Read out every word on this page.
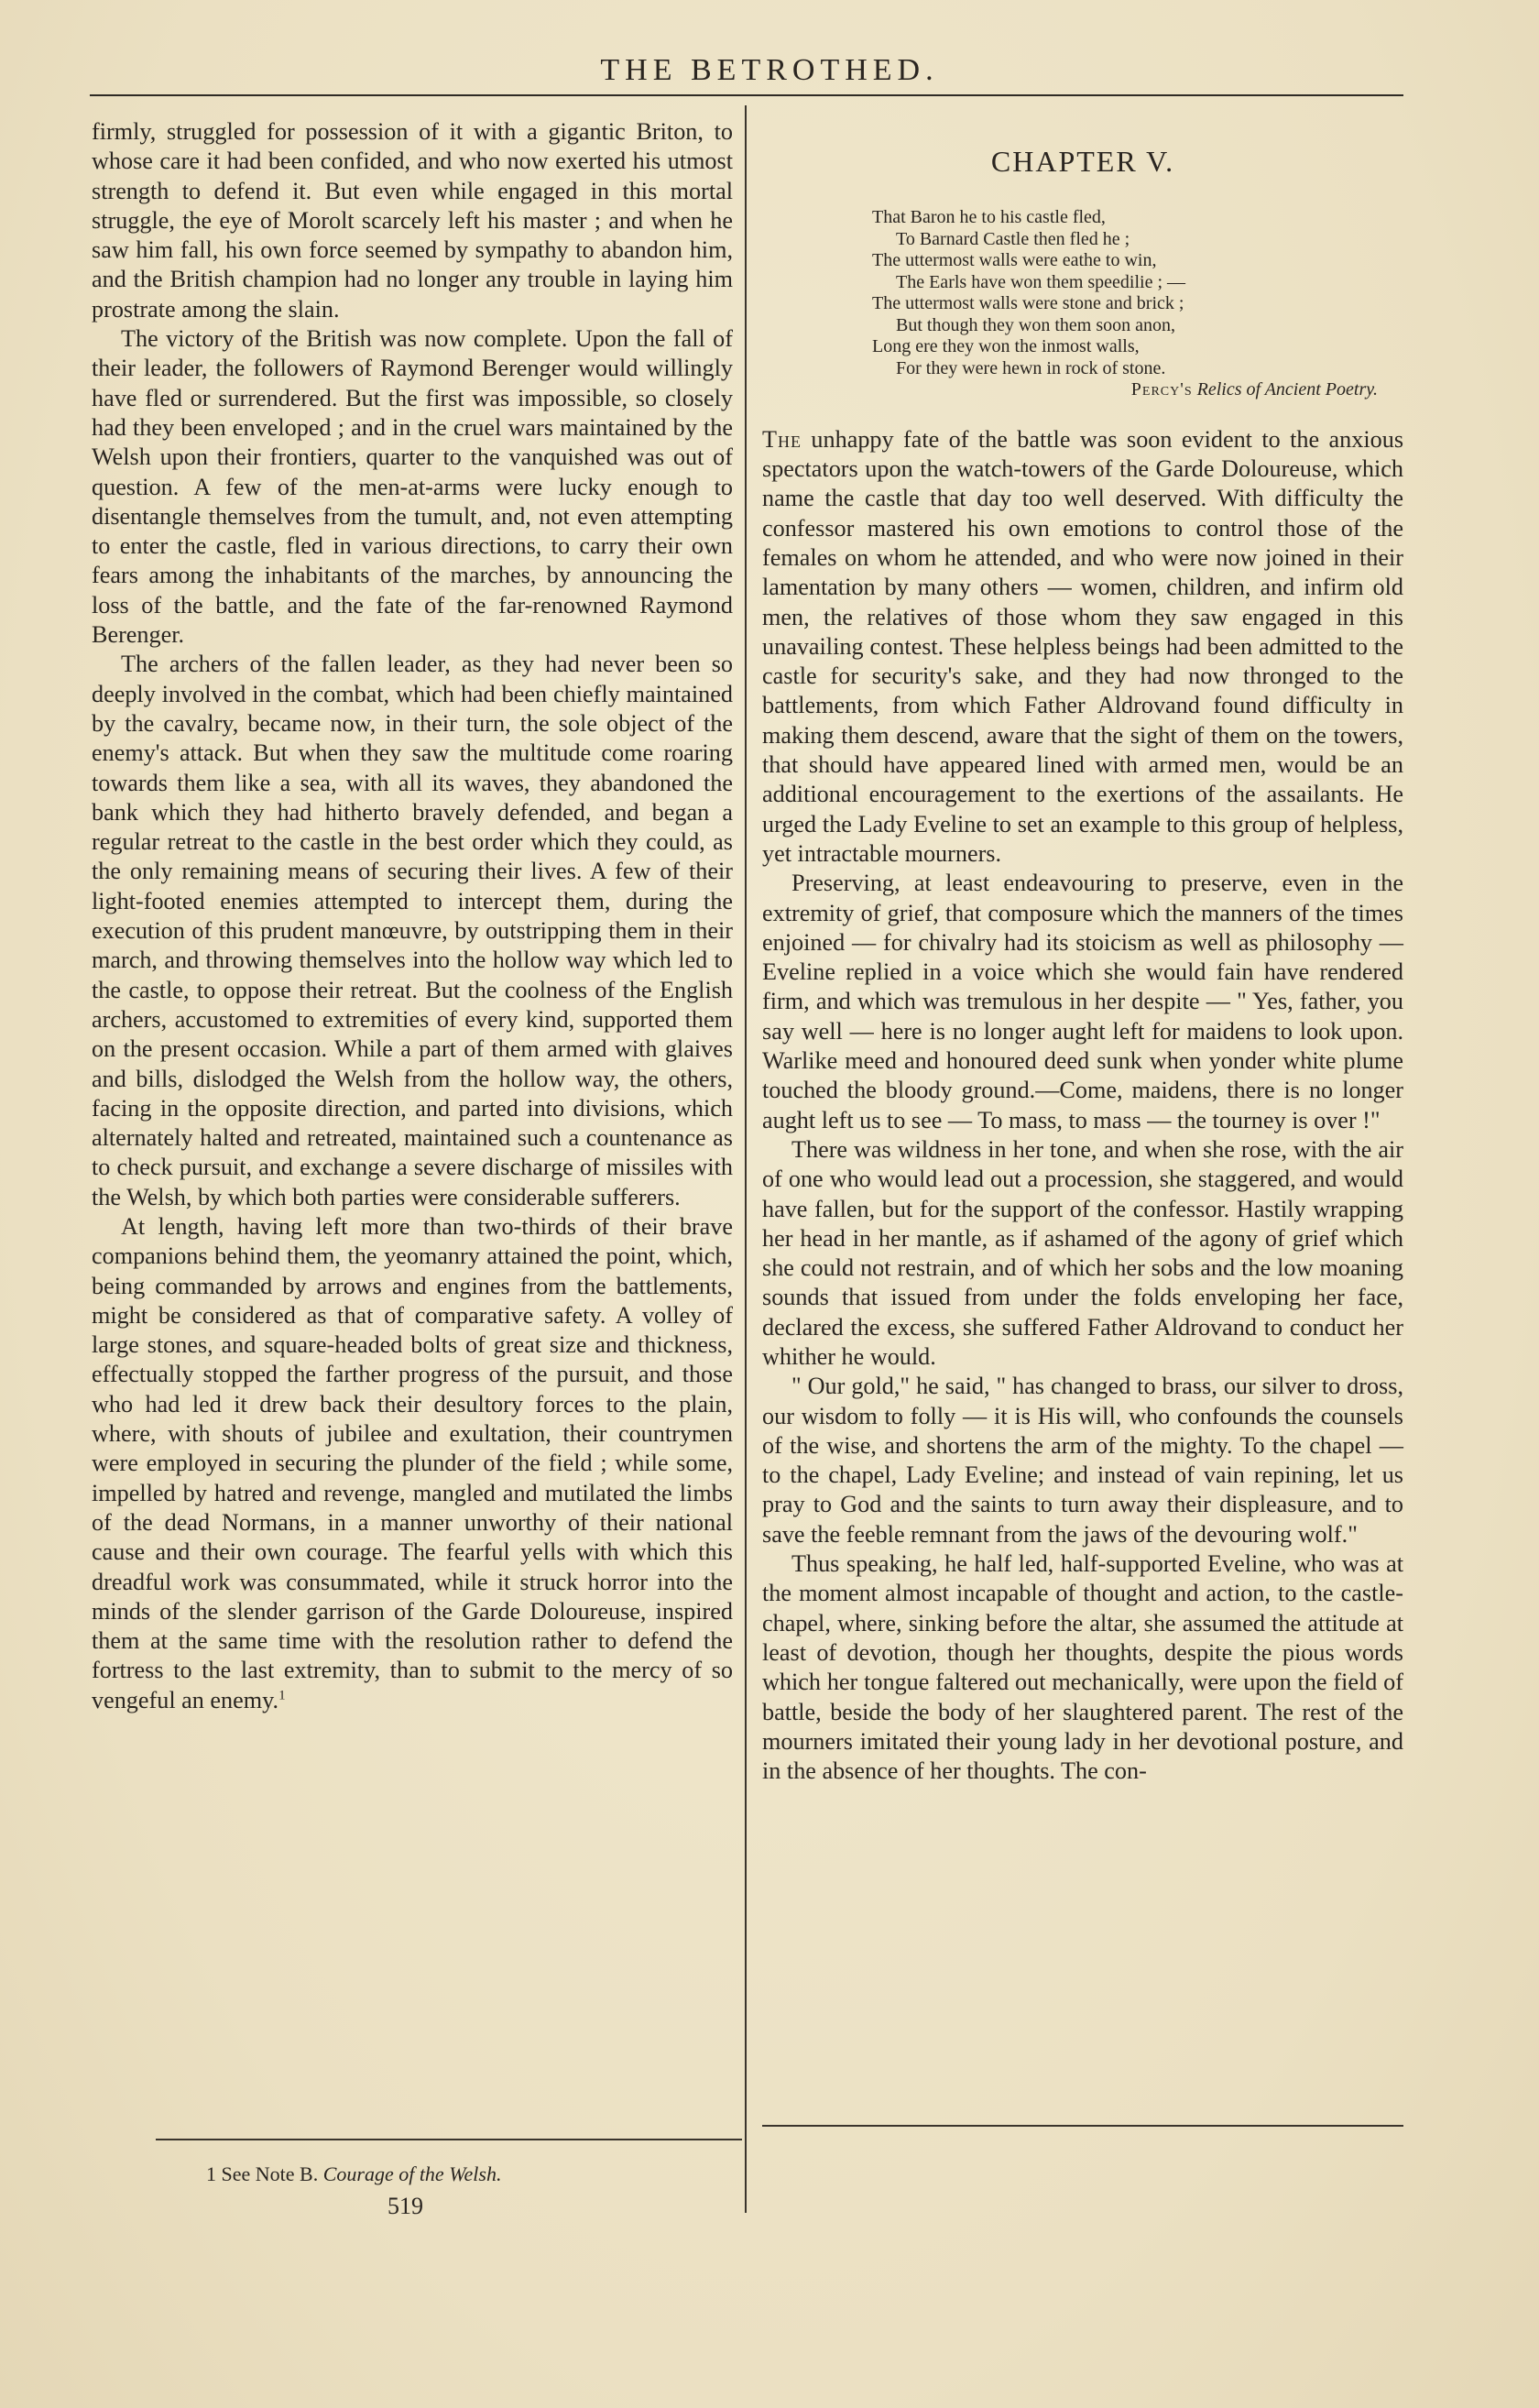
THE BETROTHED.

firmly, struggled for possession of it with a gigantic Briton, to whose care it had been confided, and who now exerted his utmost strength to defend it. But even while engaged in this mortal struggle, the eye of Morolt scarcely left his master ; and when he saw him fall, his own force seemed by sympathy to abandon him, and the British champion had no longer any trouble in laying him prostrate among the slain.

The victory of the British was now complete. Upon the fall of their leader, the followers of Raymond Berenger would willingly have fled or surrendered. But the first was impossible, so closely had they been enveloped ; and in the cruel wars maintained by the Welsh upon their frontiers, quarter to the vanquished was out of question. A few of the men-at-arms were lucky enough to disentangle themselves from the tumult, and, not even attempting to enter the castle, fled in various directions, to carry their own fears among the inhabitants of the marches, by announcing the loss of the battle, and the fate of the far-renowned Raymond Berenger.

The archers of the fallen leader, as they had never been so deeply involved in the combat, which had been chiefly maintained by the cavalry, became now, in their turn, the sole object of the enemy's attack. But when they saw the multitude come roaring towards them like a sea, with all its waves, they abandoned the bank which they had hitherto bravely defended, and began a regular retreat to the castle in the best order which they could, as the only remaining means of securing their lives. A few of their light-footed enemies attempted to intercept them, during the execution of this prudent manœuvre, by outstripping them in their march, and throwing themselves into the hollow way which led to the castle, to oppose their retreat. But the coolness of the English archers, accustomed to extremities of every kind, supported them on the present occasion. While a part of them armed with glaives and bills, dislodged the Welsh from the hollow way, the others, facing in the opposite direction, and parted into divisions, which alternately halted and retreated, maintained such a countenance as to check pursuit, and exchange a severe discharge of missiles with the Welsh, by which both parties were considerable sufferers.

At length, having left more than two-thirds of their brave companions behind them, the yeomanry attained the point, which, being commanded by arrows and engines from the battlements, might be considered as that of comparative safety. A volley of large stones, and square-headed bolts of great size and thickness, effectually stopped the farther progress of the pursuit, and those who had led it drew back their desultory forces to the plain, where, with shouts of jubilee and exultation, their countrymen were employed in securing the plunder of the field ; while some, impelled by hatred and revenge, mangled and mutilated the limbs of the dead Normans, in a manner unworthy of their national cause and their own courage. The fearful yells with which this dreadful work was consummated, while it struck horror into the minds of the slender garrison of the Garde Doloureuse, inspired them at the same time with the resolution rather to defend the fortress to the last extremity, than to submit to the mercy of so vengeful an enemy.$^1$

1 See Note B. Courage of the Welsh.
519
CHAPTER V.
That Baron he to his castle fled,
To Barnard Castle then fled he ;
The uttermost walls were eathe to win,
The Earls have won them speedilie ; —
The uttermost walls were stone and brick ;
But though they won them soon anon,
Long ere they won the inmost walls,
For they were hewn in rock of stone.
Percy's Relics of Ancient Poetry.

The unhappy fate of the battle was soon evident to the anxious spectators upon the watch-towers of the Garde Doloureuse, which name the castle that day too well deserved. With difficulty the confessor mastered his own emotions to control those of the females on whom he attended, and who were now joined in their lamentation by many others — women, children, and infirm old men, the relatives of those whom they saw engaged in this unavailing contest. These helpless beings had been admitted to the castle for security's sake, and they had now thronged to the battlements, from which Father Aldrovand found difficulty in making them descend, aware that the sight of them on the towers, that should have appeared lined with armed men, would be an additional encouragement to the exertions of the assailants. He urged the Lady Eveline to set an example to this group of helpless, yet intractable mourners.

Preserving, at least endeavouring to preserve, even in the extremity of grief, that composure which the manners of the times enjoined — for chivalry had its stoicism as well as philosophy — Eveline replied in a voice which she would fain have rendered firm, and which was tremulous in her despite — " Yes, father, you say well — here is no longer aught left for maidens to look upon. Warlike meed and honoured deed sunk when yonder white plume touched the bloody ground.—Come, maidens, there is no longer aught left us to see — To mass, to mass — the tourney is over !"

There was wildness in her tone, and when she rose, with the air of one who would lead out a procession, she staggered, and would have fallen, but for the support of the confessor. Hastily wrapping her head in her mantle, as if ashamed of the agony of grief which she could not restrain, and of which her sobs and the low moaning sounds that issued from under the folds enveloping her face, declared the excess, she suffered Father Aldrovand to conduct her whither he would.

" Our gold," he said, " has changed to brass, our silver to dross, our wisdom to folly — it is His will, who confounds the counsels of the wise, and shortens the arm of the mighty. To the chapel — to the chapel, Lady Eveline; and instead of vain repining, let us pray to God and the saints to turn away their displeasure, and to save the feeble remnant from the jaws of the devouring wolf."

Thus speaking, he half led, half-supported Eveline, who was at the moment almost incapable of thought and action, to the castle-chapel, where, sinking before the altar, she assumed the attitude at least of devotion, though her thoughts, despite the pious words which her tongue faltered out mechanically, were upon the field of battle, beside the body of her slaughtered parent. The rest of the mourners imitated their young lady in her devotional posture, and in the absence of her thoughts. The con-
